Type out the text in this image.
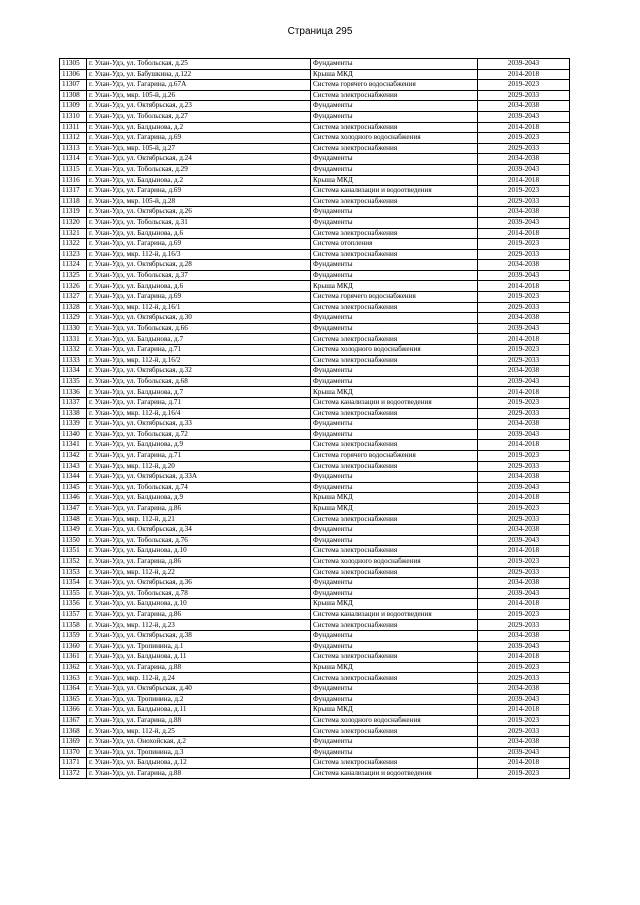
Страница 295
11305	г. Улан-Удэ, ул. Тобольская, д.25	Фундаменты	2039-2043
11306	г. Улан-Удэ, ул. Бабушкина, д.122	Крыша МКД	2014-2018
11307	г. Улан-Удэ, ул. Гагарина, д.67А	Система горячего водоснабжения	2019-2023
11308	г. Улан-Удэ, мкр. 105-й, д.26	Система электроснабжения	2029-2033
11309	г. Улан-Удэ, ул. Октябрьская, д.23	Фундаменты	2034-2038
11310	г. Улан-Удэ, ул. Тобольская, д.27	Фундаменты	2039-2043
11311	г. Улан-Удэ, ул. Балдынова, д.2	Система электроснабжения	2014-2018
11312	г. Улан-Удэ, ул. Гагарина, д.69	Система холодного водоснабжения	2019-2023
11313	г. Улан-Удэ, мкр. 105-й, д.27	Система электроснабжения	2029-2033
11314	г. Улан-Удэ, ул. Октябрьская, д.24	Фундаменты	2034-2038
11315	г. Улан-Удэ, ул. Тобольская, д.29	Фундаменты	2039-2043
11316	г. Улан-Удэ, ул. Балдынова, д.2	Крыша МКД	2014-2018
11317	г. Улан-Удэ, ул. Гагарина, д.69	Система канализации и водоотведения	2019-2023
11318	г. Улан-Удэ, мкр. 105-й, д.28	Система электроснабжения	2029-2033
11319	г. Улан-Удэ, ул. Октябрьская, д.26	Фундаменты	2034-2038
11320	г. Улан-Удэ, ул. Тобольская, д.31	Фундаменты	2039-2043
11321	г. Улан-Удэ, ул. Балдынова, д.6	Система электроснабжения	2014-2018
11322	г. Улан-Удэ, ул. Гагарина, д.69	Система отопления	2019-2023
11323	г. Улан-Удэ, мкр. 112-й, д.16/3	Система электроснабжения	2029-2033
11324	г. Улан-Удэ, ул. Октябрьская, д.28	Фундаменты	2034-2038
11325	г. Улан-Удэ, ул. Тобольская, д.37	Фундаменты	2039-2043
11326	г. Улан-Удэ, ул. Балдынова, д.6	Крыша МКД	2014-2018
11327	г. Улан-Удэ, ул. Гагарина, д.69	Система горячего водоснабжения	2019-2023
11328	г. Улан-Удэ, мкр. 112-й, д.16/1	Система электроснабжения	2029-2033
11329	г. Улан-Удэ, ул. Октябрьская, д.30	Фундаменты	2034-2038
11330	г. Улан-Удэ, ул. Тобольская, д.66	Фундаменты	2039-2043
11331	г. Улан-Удэ, ул. Балдынова, д.7	Система электроснабжения	2014-2018
11332	г. Улан-Удэ, ул. Гагарина, д.71	Система холодного водоснабжения	2019-2023
11333	г. Улан-Удэ, мкр. 112-й, д.16/2	Система электроснабжения	2029-2033
11334	г. Улан-Удэ, ул. Октябрьская, д.32	Фундаменты	2034-2038
11335	г. Улан-Удэ, ул. Тобольская, д.68	Фундаменты	2039-2043
11336	г. Улан-Удэ, ул. Балдынова, д.7	Крыша МКД	2014-2018
11337	г. Улан-Удэ, ул. Гагарина, д.71	Система канализации и водоотведения	2019-2023
11338	г. Улан-Удэ, мкр. 112-й, д.16/4	Система электроснабжения	2029-2033
11339	г. Улан-Удэ, ул. Октябрьская, д.33	Фундаменты	2034-2038
11340	г. Улан-Удэ, ул. Тобольская, д.72	Фундаменты	2039-2043
11341	г. Улан-Удэ, ул. Балдынова, д.9	Система электроснабжения	2014-2018
11342	г. Улан-Удэ, ул. Гагарина, д.71	Система горячего водоснабжения	2019-2023
11343	г. Улан-Удэ, мкр. 112-й, д.20	Система электроснабжения	2029-2033
11344	г. Улан-Удэ, ул. Октябрьская, д.33А	Фундаменты	2034-2038
11345	г. Улан-Удэ, ул. Тобольская, д.74	Фундаменты	2039-2043
11346	г. Улан-Удэ, ул. Балдынова, д.9	Крыша МКД	2014-2018
11347	г. Улан-Удэ, ул. Гагарина, д.86	Крыша МКД	2019-2023
11348	г. Улан-Удэ, мкр. 112-й, д.21	Система электроснабжения	2029-2033
11349	г. Улан-Удэ, ул. Октябрьская, д.34	Фундаменты	2034-2038
11350	г. Улан-Удэ, ул. Тобольская, д.76	Фундаменты	2039-2043
11351	г. Улан-Удэ, ул. Балдынова, д.10	Система электроснабжения	2014-2018
11352	г. Улан-Удэ, ул. Гагарина, д.86	Система холодного водоснабжения	2019-2023
11353	г. Улан-Удэ, мкр. 112-й, д.22	Система электроснабжения	2029-2033
11354	г. Улан-Удэ, ул. Октябрьская, д.36	Фундаменты	2034-2038
11355	г. Улан-Удэ, ул. Тобольская, д.78	Фундаменты	2039-2043
11356	г. Улан-Удэ, ул. Балдынова, д.10	Крыша МКД	2014-2018
11357	г. Улан-Удэ, ул. Гагарина, д.86	Система канализации и водоотведения	2019-2023
11358	г. Улан-Удэ, мкр. 112-й, д.23	Система электроснабжения	2029-2033
11359	г. Улан-Удэ, ул. Октябрьская, д.38	Фундаменты	2034-2038
11360	г. Улан-Удэ, ул. Тропинина, д.1	Фундаменты	2039-2043
11361	г. Улан-Удэ, ул. Балдынова, д.11	Система электроснабжения	2014-2018
11362	г. Улан-Удэ, ул. Гагарина, д.88	Крыша МКД	2019-2023
11363	г. Улан-Удэ, мкр. 112-й, д.24	Система электроснабжения	2029-2033
11364	г. Улан-Удэ, ул. Октябрьская, д.40	Фундаменты	2034-2038
11365	г. Улан-Удэ, ул. Тропинина, д.2	Фундаменты	2039-2043
11366	г. Улан-Удэ, ул. Балдынова, д.11	Крыша МКД	2014-2018
11367	г. Улан-Удэ, ул. Гагарина, д.88	Система холодного водоснабжения	2019-2023
11368	г. Улан-Удэ, мкр. 112-й, д.25	Система электроснабжения	2029-2033
11369	г. Улан-Удэ, ул. Онохойская, д.2	Фундаменты	2034-2038
11370	г. Улан-Удэ, ул. Тропинина, д.3	Фундаменты	2039-2043
11371	г. Улан-Удэ, ул. Балдынова, д.12	Система электроснабжения	2014-2018
11372	г. Улан-Удэ, ул. Гагарина, д.88	Система канализации и водоотведения	2019-2023
